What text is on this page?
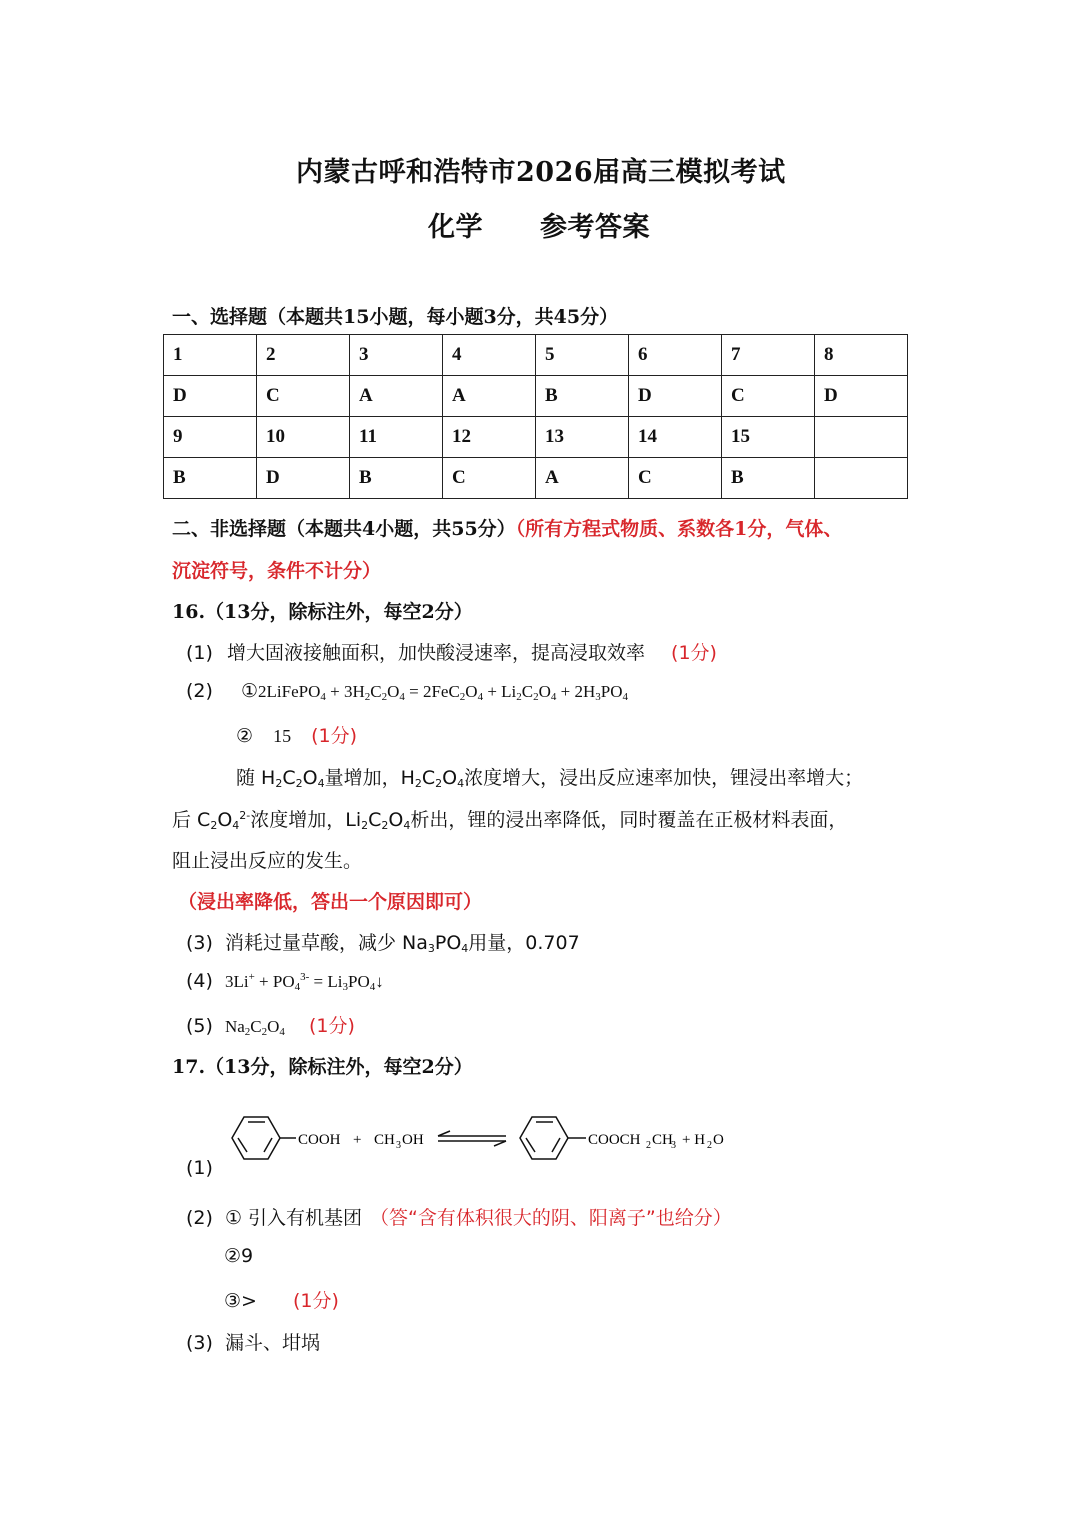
内蒙古呼和浩特市2026届高三模拟考试
化学 参考答案
一、选择题（本题共15小题，每小题3分，共45分）
1	2	3	4	5	6	7	8
D	C	A	A	B	D	C	D
9	10	11	12	13	14	15	
B	D	B	C	A	C	B	
二、非选择题（本题共4小题，共55分）（所有方程式物质、系数各1分，气体、
沉淀符号，条件不计分）
16.（13分，除标注外，每空2分）
(1) 增大固液接触面积，加快酸浸速率，提高浸取效率 (1分)
(2) ①2LiFePO$_4$ + $3H_2C_2O_4 = 2FeC_2O_4 + Li_2C_2O_4 + 2H_3PO_4$
② 15 (1分)
随 $H_2C_2O_4$量增加，$H_2C_2O_4$浓度增大，浸出反应速率加快，锂浸出率增大；
后 $C_2O_4^{2-}$浓度增加，$Li_2C_2O_4$析出，锂的浸出率降低，同时覆盖在正极材料表面，
阻止浸出反应的发生。
（浸出率降低，答出一个原因即可）
(3) 消耗过量草酸，减少 $Na_3PO_4$用量，0.707
(4) $3Li^+ + PO_4^{3-}$ = $Li_3PO_4↓$
(5) $Na_2C_2O_4$ (1分)
17.（13分，除标注外，每空2分）
COOH + CH 3 OH	COOCH 2 CH
3 + H 2 O
(1)
(2) ① 引入有机基团 （答“含有体积很大的阴、阳离子”也给分）
②9
③> (1分)
(3) 漏斗、坩埚
